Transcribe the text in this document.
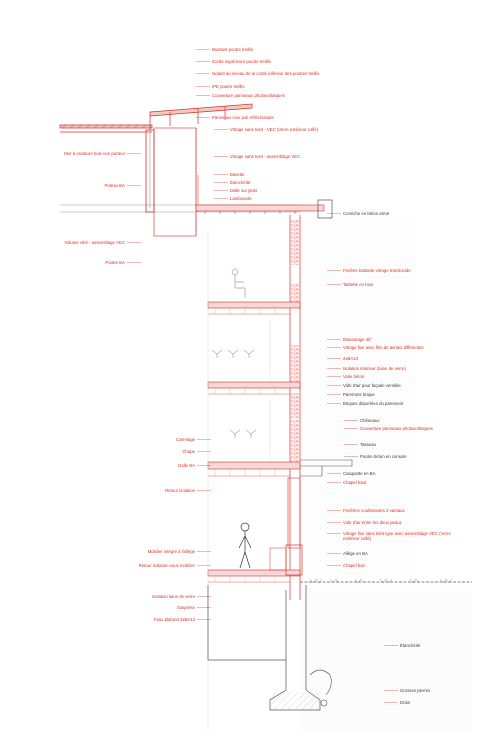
Montant poutre treillis
Corde supérieure poutre treillis
Isolant au niveau de la corde inférieur des poutres treillis
IPE poutre treillis
Couverture panneaux photovoltaïques
Panneaux inox poli réfléchissant
Vitrage sans teint - VEC (Verre extérieur collé)
Vitrage sans teint - assemblage VEC
Bavette
Étanchéité
Dalle sur plots
Lambourde
Corniche en béton armé
Fenêtre battante vitrage translucide
Tablette en bois
Biseautage 45°
Vitrage fixe avec film de teintes différentes
2xBA13
Isolation intérieur (laine de verre)
Voile béton
Vide d'air pour façade ventilée
Parement brique
Briques déportées du parement
Chêneaux
Couverture panneaux photovoltaïques
Tasseau
Poutre béton en console
Casquette en BA
Chapel haut
Fenêtres coulissantes 2 vantaux
Vide d'air entre les deux peaux
Vitrage fixe sans teint type avec assemblage VEC (Verre extérieur collé)
Allège en BA
Chapel bas
Étanchéité
Grosses pierres
Drain
Mur à ossature bois non porteur
Poteau BA
Volume vitré - assemblage VEC
Poutre BA
Carrelage
Chape
Dalle BA
Retour isolation
Mobilier intégré à l'allège
Retour isolation sous mobilier
Isolation laine de verre
Suspente
Faux plafond 2xBA13
